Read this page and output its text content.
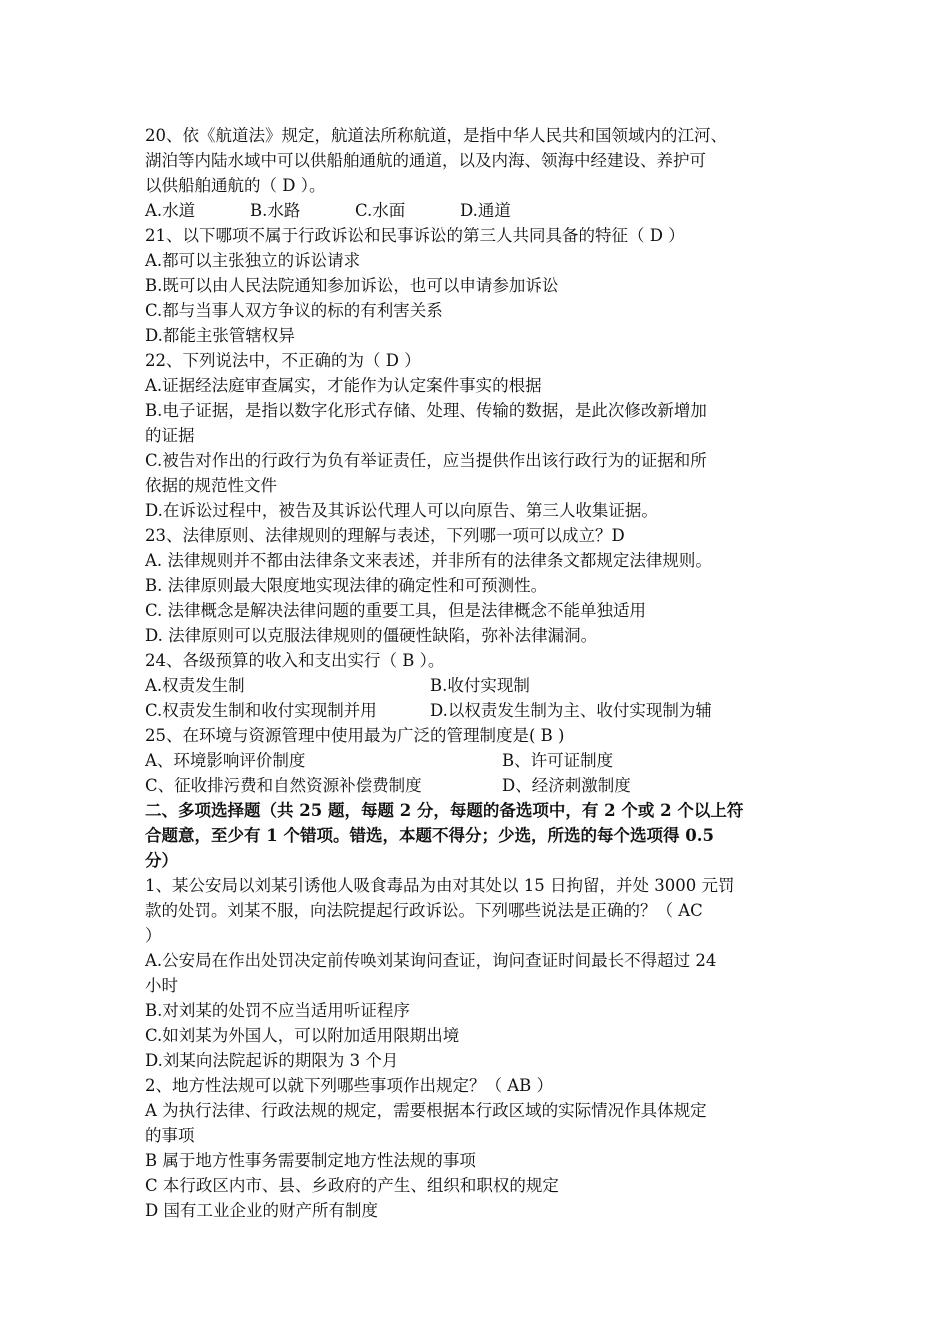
20、依《航道法》规定，航道法所称航道，是指中华人民共和国领域内的江河、
湖泊等内陆水域中可以供船舶通航的通道，以及内海、领海中经建设、养护可
以供船舶通航的（ D ）。
A.水道	B.水路	C.水面	D.通道
21、以下哪项不属于行政诉讼和民事诉讼的第三人共同具备的特征（ D ）
A.都可以主张独立的诉讼请求
B.既可以由人民法院通知参加诉讼，也可以申请参加诉讼
C.都与当事人双方争议的标的有利害关系
D.都能主张管辖权异
22、下列说法中，不正确的为（ D ）
A.证据经法庭审查属实，才能作为认定案件事实的根据
B.电子证据，是指以数字化形式存储、处理、传输的数据，是此次修改新增加
的证据
C.被告对作出的行政行为负有举证责任，应当提供作出该行政行为的证据和所
依据的规范性文件
D.在诉讼过程中，被告及其诉讼代理人可以向原告、第三人收集证据。
23、法律原则、法律规则的理解与表述，下列哪一项可以成立？D
A. 法律规则并不都由法律条文来表述，并非所有的法律条文都规定法律规则。
B. 法律原则最大限度地实现法律的确定性和可预测性。
C. 法律概念是解决法律问题的重要工具，但是法律概念不能单独适用
D. 法律原则可以克服法律规则的僵硬性缺陷，弥补法律漏洞。
24、各级预算的收入和支出实行（ B ）。
A.权责发生制	B.收付实现制
C.权责发生制和收付实现制并用	D.以权责发生制为主、收付实现制为辅
25、在环境与资源管理中使用最为广泛的管理制度是( B )
A、环境影响评价制度	B、许可证制度
C、征收排污费和自然资源补偿费制度	D、经济刺激制度
二、多项选择题（共 25 题，每题 2 分，每题的备选项中，有 2 个或 2 个以上符
合题意，至少有 1 个错项。错选，本题不得分；少选，所选的每个选项得 0.5
分）
1、某公安局以刘某引诱他人吸食毒品为由对其处以 15 日拘留，并处 3000 元罚
款的处罚。刘某不服，向法院提起行政诉讼。下列哪些说法是正确的？（ AC
）
A.公安局在作出处罚决定前传唤刘某询问查证，询问查证时间最长不得超过 24
小时
B.对刘某的处罚不应当适用听证程序
C.如刘某为外国人，可以附加适用限期出境
D.刘某向法院起诉的期限为 3 个月
2、地方性法规可以就下列哪些事项作出规定？（ AB ）
A 为执行法律、行政法规的规定，需要根据本行政区域的实际情况作具体规定
的事项
B 属于地方性事务需要制定地方性法规的事项
C 本行政区内市、县、乡政府的产生、组织和职权的规定
D 国有工业企业的财产所有制度
